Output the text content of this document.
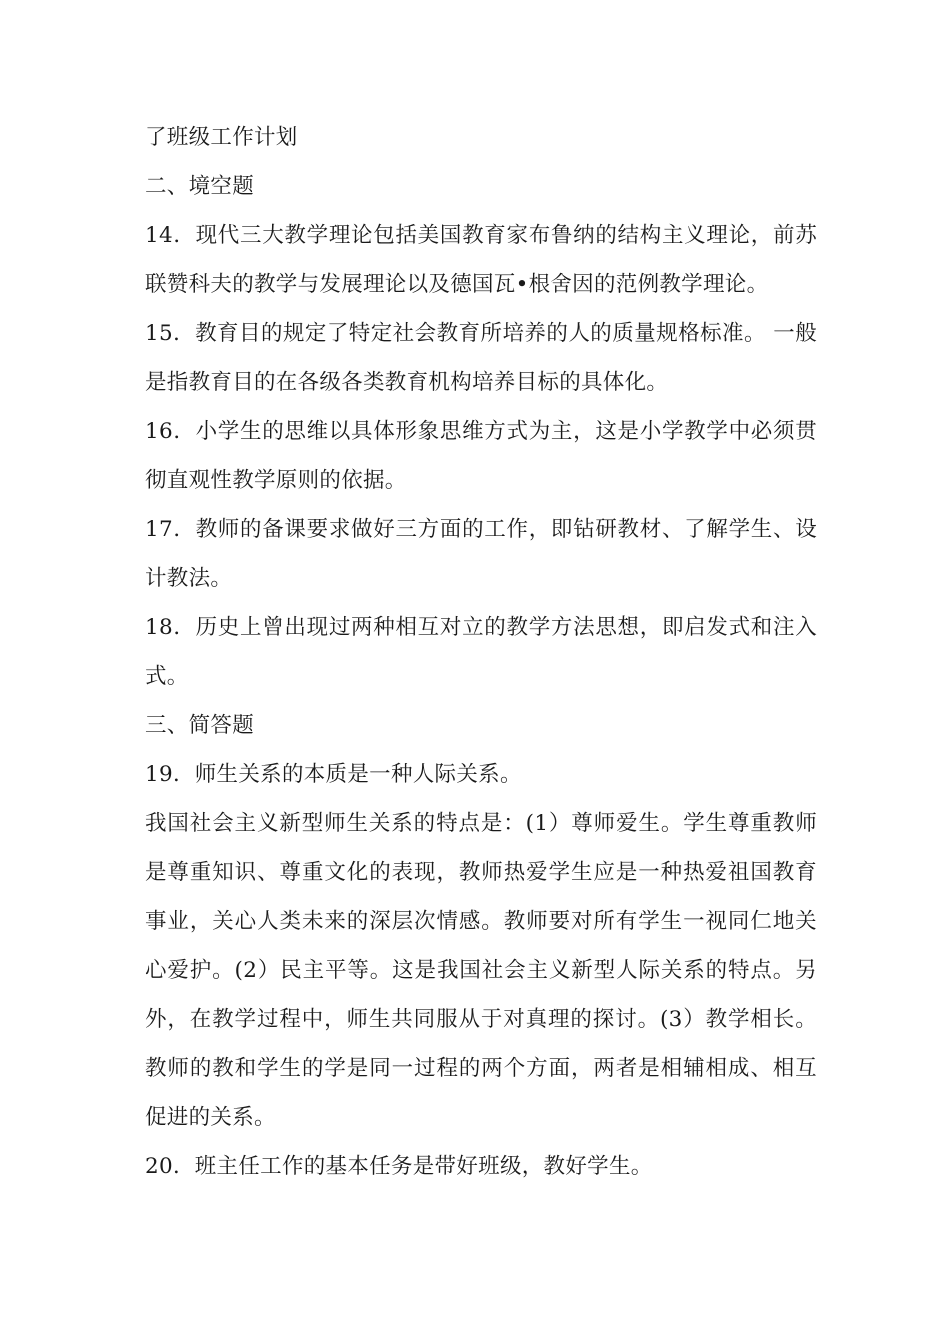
了班级工作计划

二、境空题

14．现代三大教学理论包括美国教育家布鲁纳的结构主义理论，前苏联赞科夫的教学与发展理论以及德国瓦•根舍因的范例教学理论。

15．教育目的规定了特定社会教育所培养的人的质量规格标准。 一般是指教育目的在各级各类教育机构培养目标的具体化。

16．小学生的思维以具体形象思维方式为主，这是小学教学中必须贯彻直观性教学原则的依据。

17．教师的备课要求做好三方面的工作，即钻研教材、了解学生、设计教法。

18．历史上曾出现过两种相互对立的教学方法思想，即启发式和注入式。

三、简答题

19．师生关系的本质是一种人际关系。

我国社会主义新型师生关系的特点是：(1）尊师爱生。学生尊重教师是尊重知识、尊重文化的表现，教师热爱学生应是一种热爱祖国教育事业，关心人类未来的深层次情感。教师要对所有学生一视同仁地关心爱护。(2）民主平等。这是我国社会主义新型人际关系的特点。另外，在教学过程中，师生共同服从于对真理的探讨。(3）教学相长。教师的教和学生的学是同一过程的两个方面，两者是相辅相成、相互促进的关系。

20．班主任工作的基本任务是带好班级，教好学生。
